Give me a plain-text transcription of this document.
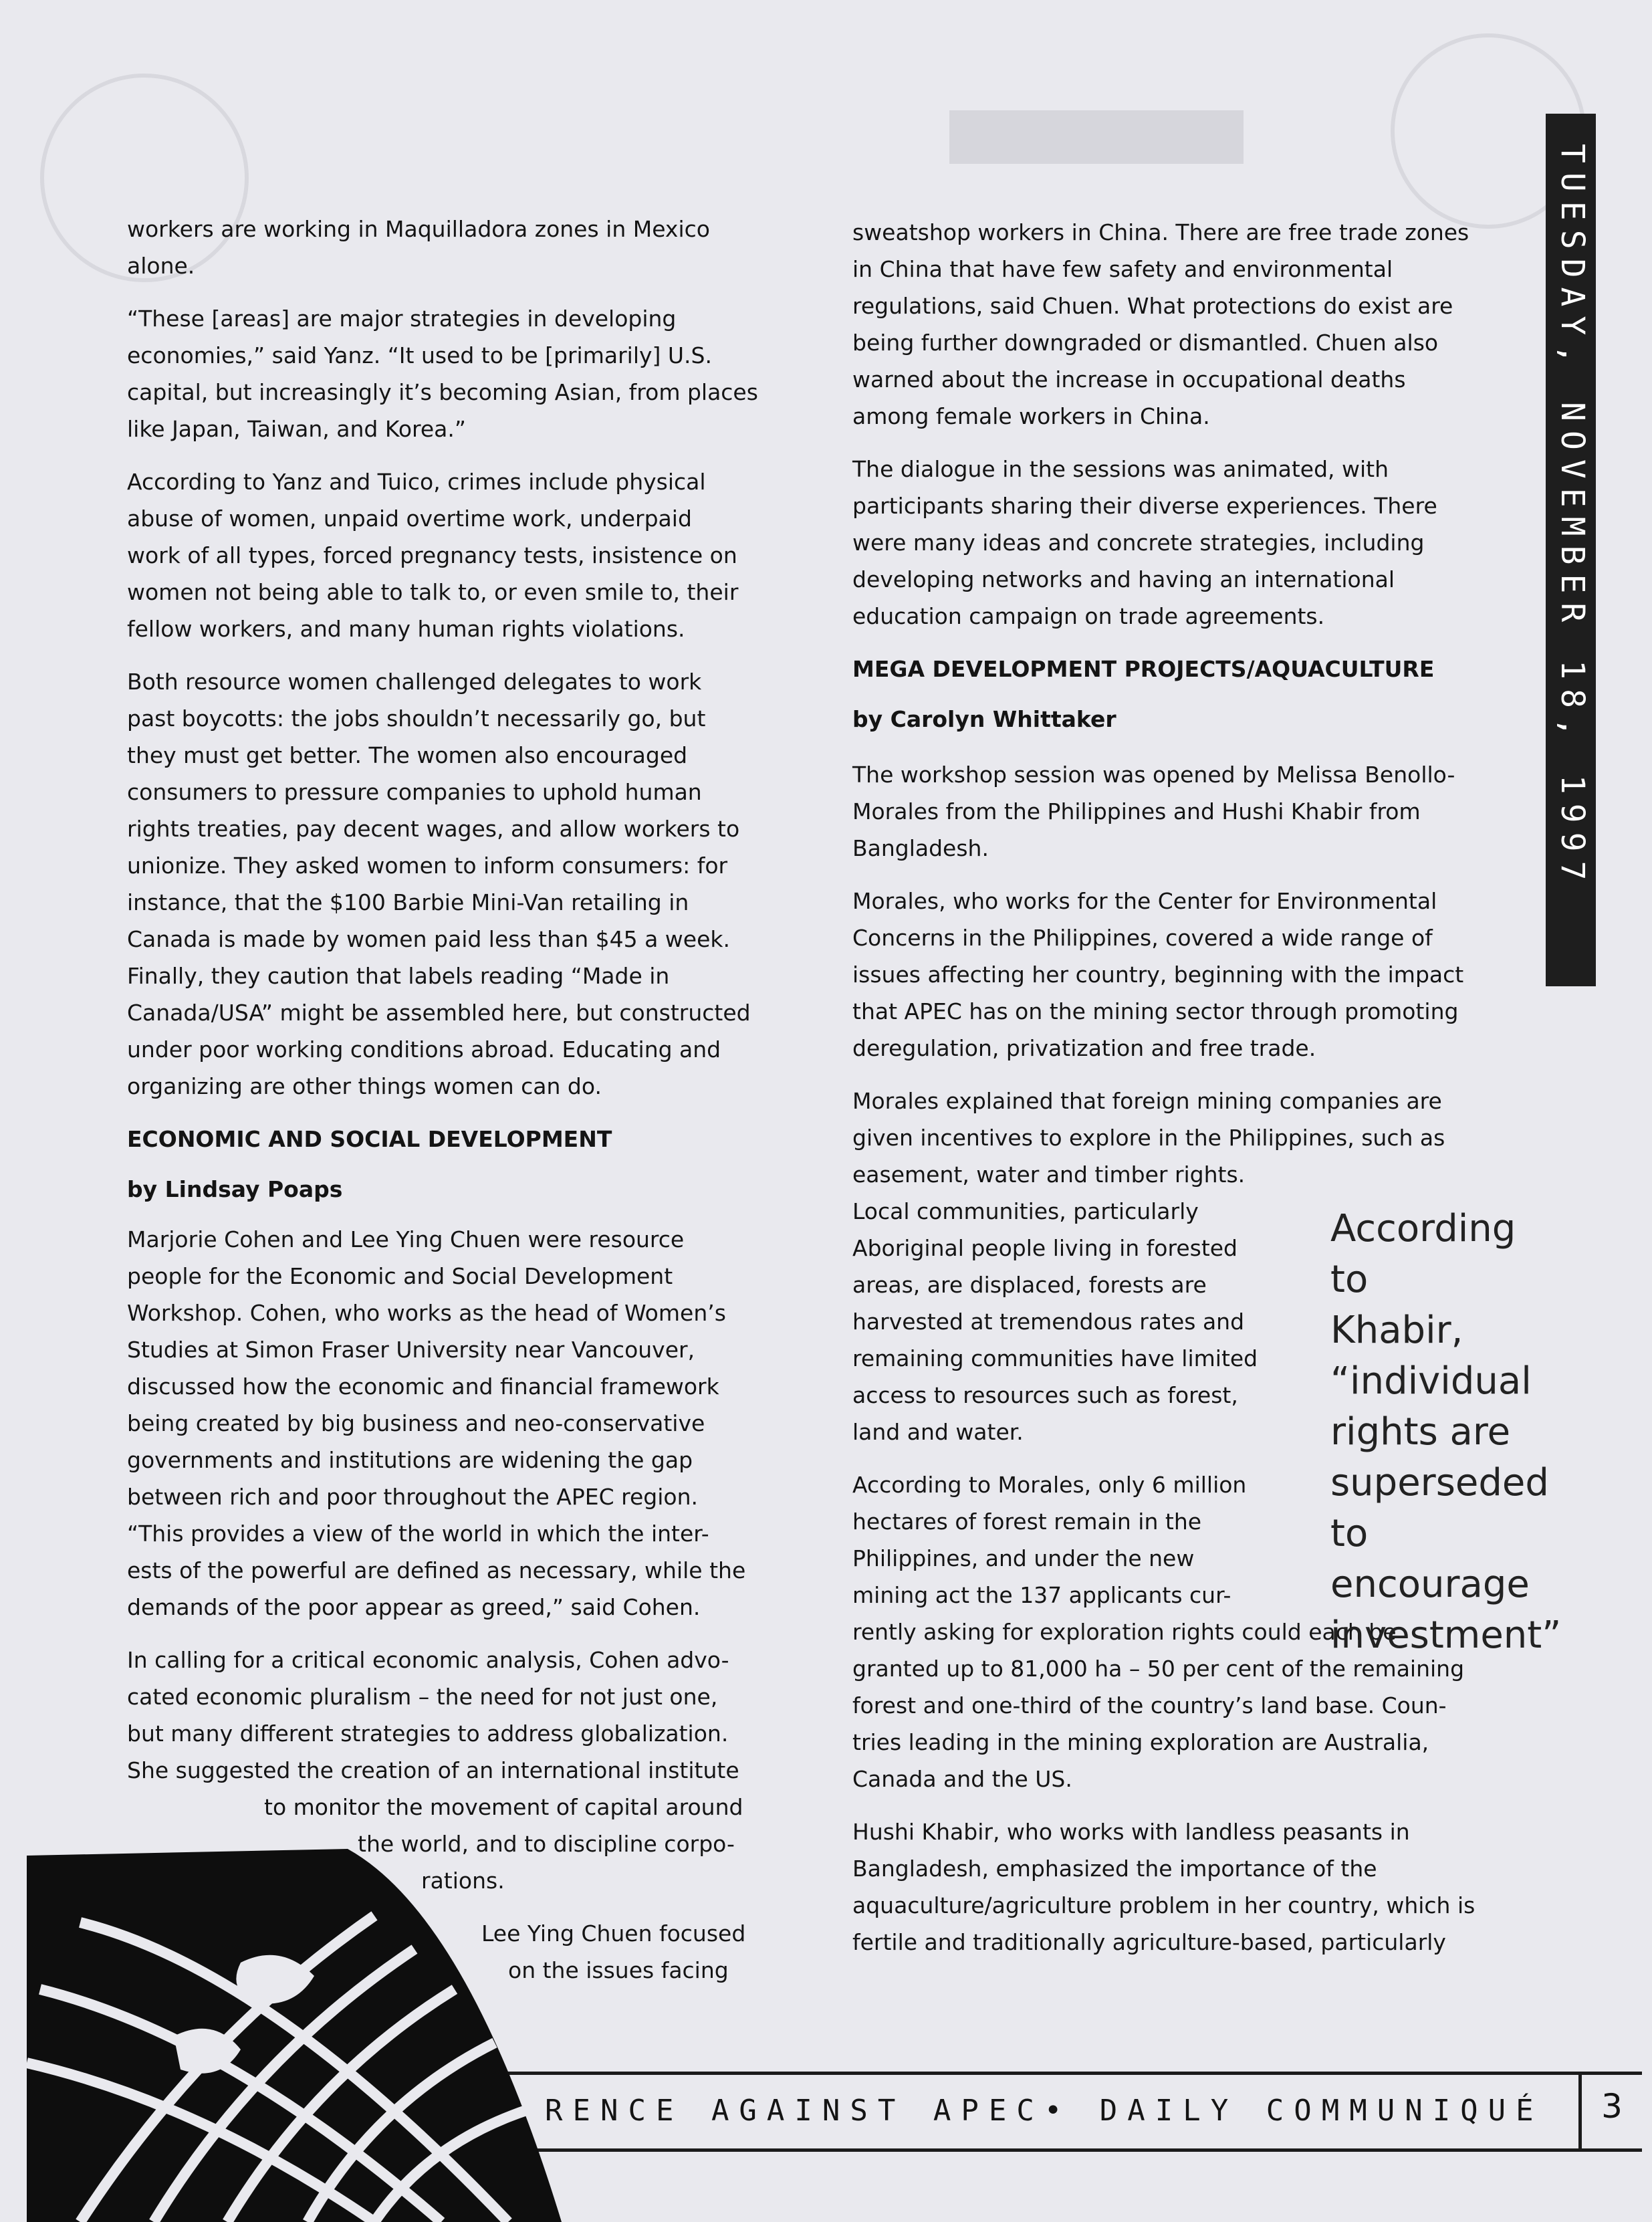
workers are working in Maquilladora zones in Mexico
alone.

“These [areas] are major strategies in developing
economies,” said Yanz. “It used to be [primarily] U.S.
capital, but increasingly it’s becoming Asian, from places
like Japan, Taiwan, and Korea.”

According to Yanz and Tuico, crimes include physical
abuse of women, unpaid overtime work, underpaid
work of all types, forced pregnancy tests, insistence on
women not being able to talk to, or even smile to, their
fellow workers, and many human rights violations.

Both resource women challenged delegates to work
past boycotts: the jobs shouldn’t necessarily go, but
they must get better. The women also encouraged
consumers to pressure companies to uphold human
rights treaties, pay decent wages, and allow workers to
unionize. They asked women to inform consumers: for
instance, that the $100 Barbie Mini-Van retailing in
Canada is made by women paid less than $45 a week.
Finally, they caution that labels reading “Made in
Canada/USA” might be assembled here, but constructed
under poor working conditions abroad. Educating and
organizing are other things women can do.

ECONOMIC AND SOCIAL DEVELOPMENT
by Lindsay Poaps

Marjorie Cohen and Lee Ying Chuen were resource
people for the Economic and Social Development
Workshop. Cohen, who works as the head of Women’s
Studies at Simon Fraser University near Vancouver,
discussed how the economic and financial framework
being created by big business and neo-conservative
governments and institutions are widening the gap
between rich and poor throughout the APEC region.
“This provides a view of the world in which the inter-
ests of the powerful are defined as necessary, while the
demands of the poor appear as greed,” said Cohen.

In calling for a critical economic analysis, Cohen advo-
cated economic pluralism – the need for not just one,
but many different strategies to address globalization.
She suggested the creation of an international institute
to monitor the movement of capital around
the world, and to discipline corpo-
rations.
Lee Ying Chuen focused
on the issues facing

sweatshop workers in China. There are free trade zones
in China that have few safety and environmental
regulations, said Chuen. What protections do exist are
being further downgraded or dismantled. Chuen also
warned about the increase in occupational deaths
among female workers in China.

The dialogue in the sessions was animated, with
participants sharing their diverse experiences. There
were many ideas and concrete strategies, including
developing networks and having an international
education campaign on trade agreements.

MEGA DEVELOPMENT PROJECTS/AQUACULTURE
by Carolyn Whittaker

The workshop session was opened by Melissa Benollo-
Morales from the Philippines and Hushi Khabir from
Bangladesh.

Morales, who works for the Center for Environmental
Concerns in the Philippines, covered a wide range of
issues affecting her country, beginning with the impact
that APEC has on the mining sector through promoting
deregulation, privatization and free trade.

Morales explained that foreign mining companies are
given incentives to explore in the Philippines, such as
easement, water and timber rights.
Local communities, particularly
Aboriginal people living in forested
areas, are displaced, forests are
harvested at tremendous rates and
remaining communities have limited
access to resources such as forest,
land and water.

According to Morales, only 6 million
hectares of forest remain in the
Philippines, and under the new
mining act the 137 applicants cur-
rently asking for exploration rights could each be
granted up to 81,000 ha – 50 per cent of the remaining
forest and one-third of the country’s land base. Coun-
tries leading in the mining exploration are Australia,
Canada and the US.

Hushi Khabir, who works with landless peasants in
Bangladesh, emphasized the importance of the
aquaculture/agriculture problem in her country, which is
fertile and traditionally agriculture-based, particularly

According to
Khabir,
“individual
rights are
superseded to
encourage
investment”
TUESDAY, NOVEMBER 18, 1997
RENCE AGAINST APEC• DAILY COMMUNIQUÉ	3
